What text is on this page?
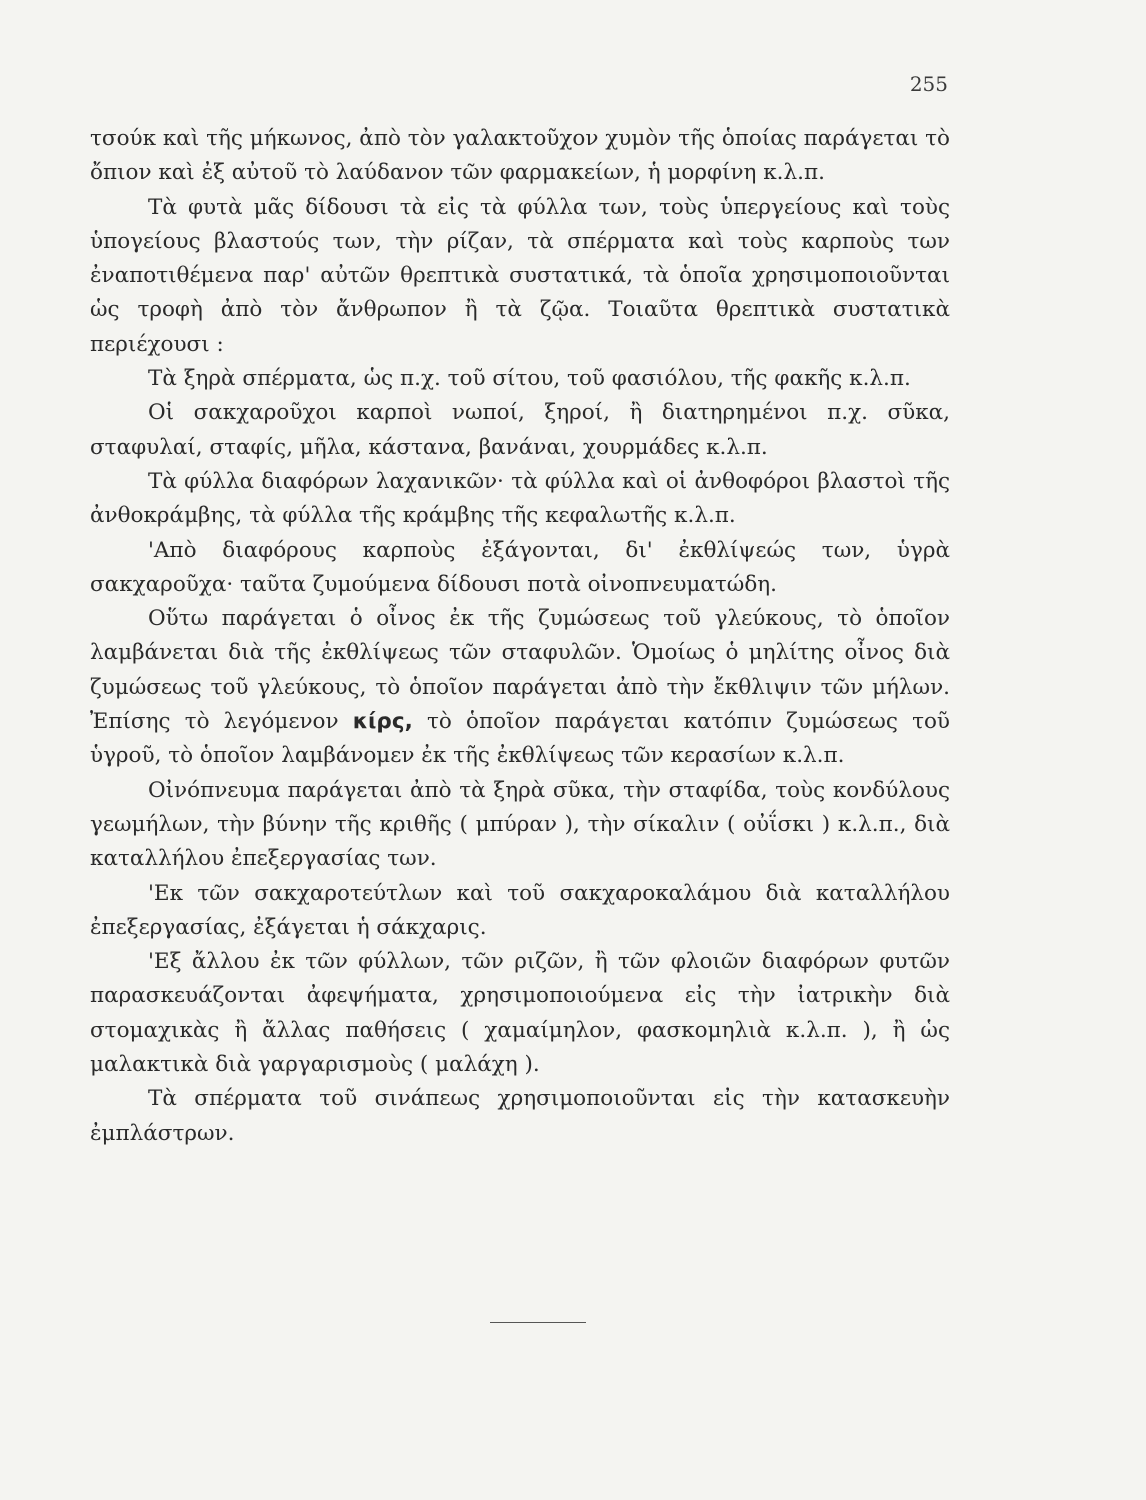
255

τσούκ καὶ τῆς μήκωνος, ἀπὸ τὸν γαλακτοῦχον χυμὸν τῆς ὁποίας παράγεται τὸ ὄπιον καὶ ἐξ αὐτοῦ τὸ λαύδανον τῶν φαρμακείων, ἡ μορφίνη κ.λ.π.

Τὰ φυτὰ μᾶς δίδουσι τὰ εἰς τὰ φύλλα των, τοὺς ὑπεργείους καὶ τοὺς ὑπογείους βλαστούς των, τὴν ρίζαν, τὰ σπέρματα καὶ τοὺς καρποὺς των ἐναποτιθέμενα παρ' αὐτῶν θρεπτικὰ συστατικά, τὰ ὁποῖα χρησιμοποιοῦνται ὡς τροφὴ ἀπὸ τὸν ἄνθρωπον ἢ τὰ ζῷα. Τοιαῦτα θρεπτικὰ συστατικὰ περιέχουσι :

Τὰ ξηρὰ σπέρματα, ὡς π.χ. τοῦ σίτου, τοῦ φασιόλου, τῆς φακῆς κ.λ.π.

Οἱ σακχαροῦχοι καρποὶ νωποί, ξηροί, ἢ διατηρημένοι π.χ. σῦκα, σταφυλαί, σταφίς, μῆλα, κάστανα, βανάναι, χουρμάδες κ.λ.π.

Τὰ φύλλα διαφόρων λαχανικῶν· τὰ φύλλα καὶ οἱ ἀνθοφόροι βλαστοὶ τῆς ἀνθοκράμβης, τὰ φύλλα τῆς κράμβης τῆς κεφαλωτῆς κ.λ.π.

'Απὸ διαφόρους καρποὺς ἐξάγονται, δι' ἐκθλίψεώς των, ὑγρὰ σακχαροῦχα· ταῦτα ζυμούμενα δίδουσι ποτὰ οἰνοπνευματώδη.

Οὕτω παράγεται ὁ οἶνος ἐκ τῆς ζυμώσεως τοῦ γλεύκους, τὸ ὁποῖον λαμβάνεται διὰ τῆς ἐκθλίψεως τῶν σταφυλῶν. Ὁμοίως ὁ μηλίτης οἶνος διὰ ζυμώσεως τοῦ γλεύκους, τὸ ὁποῖον παράγεται ἀπὸ τὴν ἔκθλιψιν τῶν μήλων. Ἐπίσης τὸ λεγόμενον κίρς, τὸ ὁποῖον παράγεται κατόπιν ζυμώσεως τοῦ ὑγροῦ, τὸ ὁποῖον λαμβάνομεν ἐκ τῆς ἐκθλίψεως τῶν κερασίων κ.λ.π.

Οἰνόπνευμα παράγεται ἀπὸ τὰ ξηρὰ σῦκα, τὴν σταφίδα, τοὺς κονδύλους γεωμήλων, τὴν βύνην τῆς κριθῆς ( μπύραν ), τὴν σίκαλιν ( οὐΐσκι ) κ.λ.π., διὰ καταλλήλου ἐπεξεργασίας των.

'Εκ τῶν σακχαροτεύτλων καὶ τοῦ σακχαροκαλάμου διὰ καταλλήλου ἐπεξεργασίας, ἐξάγεται ἡ σάκχαρις.

'Εξ ἄλλου ἐκ τῶν φύλλων, τῶν ριζῶν, ἢ τῶν φλοιῶν διαφόρων φυτῶν παρασκευάζονται ἀφεψήματα, χρησιμοποιούμενα εἰς τὴν ἰατρικὴν διὰ στομαχικὰς ἢ ἄλλας παθήσεις ( χαμαίμηλον, φασκομηλιὰ κ.λ.π. ), ἢ ὡς μαλακτικὰ διὰ γαργαρισμοὺς ( μαλάχη ).

Τὰ σπέρματα τοῦ σινάπεως χρησιμοποιοῦνται εἰς τὴν κατασκευὴν ἐμπλάστρων.
